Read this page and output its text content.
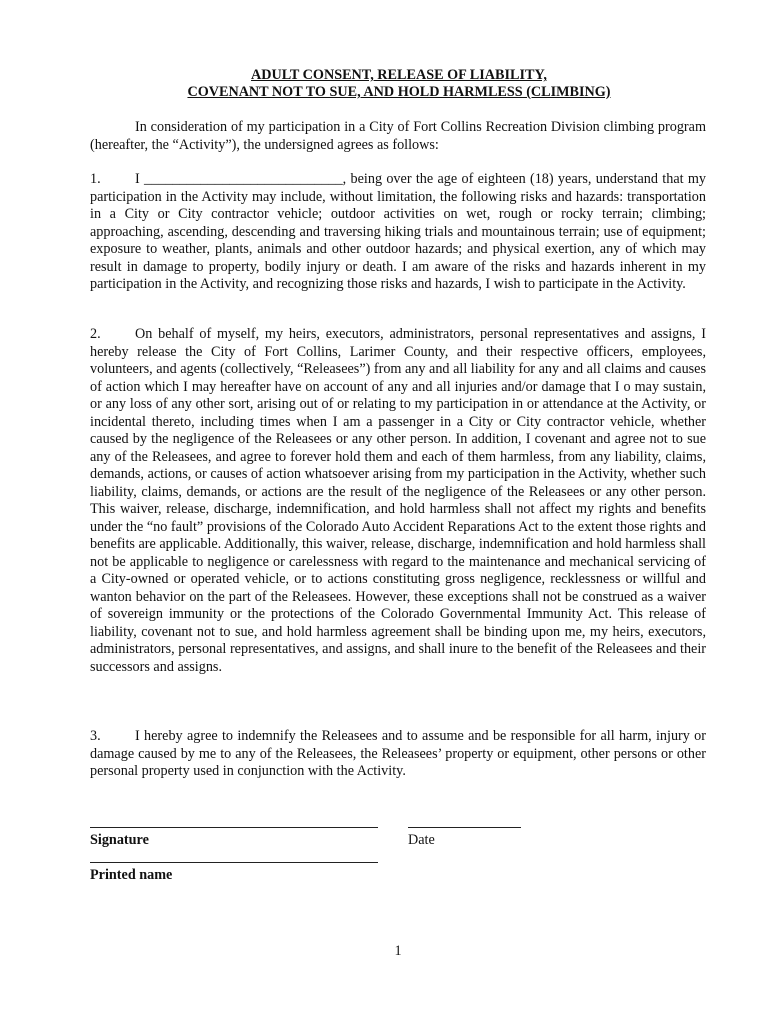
ADULT CONSENT, RELEASE OF LIABILITY,
COVENANT NOT TO SUE, AND HOLD HARMLESS (CLIMBING)

In consideration of my participation in a City of Fort Collins Recreation Division climbing program (hereafter, the “Activity”), the undersigned agrees as follows:

1. I ____________________________, being over the age of eighteen (18) years, understand that my participation in the Activity may include, without limitation, the following risks and hazards: transportation in a City or City contractor vehicle; outdoor activities on wet, rough or rocky terrain; climbing; approaching, ascending, descending and traversing hiking trials and mountainous terrain; use of equipment; exposure to weather, plants, animals and other outdoor hazards; and physical exertion, any of which may result in damage to property, bodily injury or death. I am aware of the risks and hazards inherent in my participation in the Activity, and recognizing those risks and hazards, I wish to participate in the Activity.

2. On behalf of myself, my heirs, executors, administrators, personal representatives and assigns, I hereby release the City of Fort Collins, Larimer County, and their respective officers, employees, volunteers, and agents (collectively, “Releasees”) from any and all liability for any and all claims and causes of action which I may hereafter have on account of any and all injuries and/or damage that I o may sustain, or any loss of any other sort, arising out of or relating to my participation in or attendance at the Activity, or incidental thereto, including times when I am a passenger in a City or City contractor vehicle, whether caused by the negligence of the Releasees or any other person. In addition, I covenant and agree not to sue any of the Releasees, and agree to forever hold them and each of them harmless, from any liability, claims, demands, actions, or causes of action whatsoever arising from my participation in the Activity, whether such liability, claims, demands, or actions are the result of the negligence of the Releasees or any other person. This waiver, release, discharge, indemnification, and hold harmless shall not affect my rights and benefits under the “no fault” provisions of the Colorado Auto Accident Reparations Act to the extent those rights and benefits are applicable. Additionally, this waiver, release, discharge, indemnification and hold harmless shall not be applicable to negligence or carelessness with regard to the maintenance and mechanical servicing of a City-owned or operated vehicle, or to actions constituting gross negligence, recklessness or willful and wanton behavior on the part of the Releasees. However, these exceptions shall not be construed as a waiver of sovereign immunity or the protections of the Colorado Governmental Immunity Act. This release of liability, covenant not to sue, and hold harmless agreement shall be binding upon me, my heirs, executors, administrators, personal representatives, and assigns, and shall inure to the benefit of the Releasees and their successors and assigns.

3. I hereby agree to indemnify the Releasees and to assume and be responsible for all harm, injury or damage caused by me to any of the Releasees, the Releasees’ property or equipment, other persons or other personal property used in conjunction with the Activity.

Signature	Date
Printed name
1
